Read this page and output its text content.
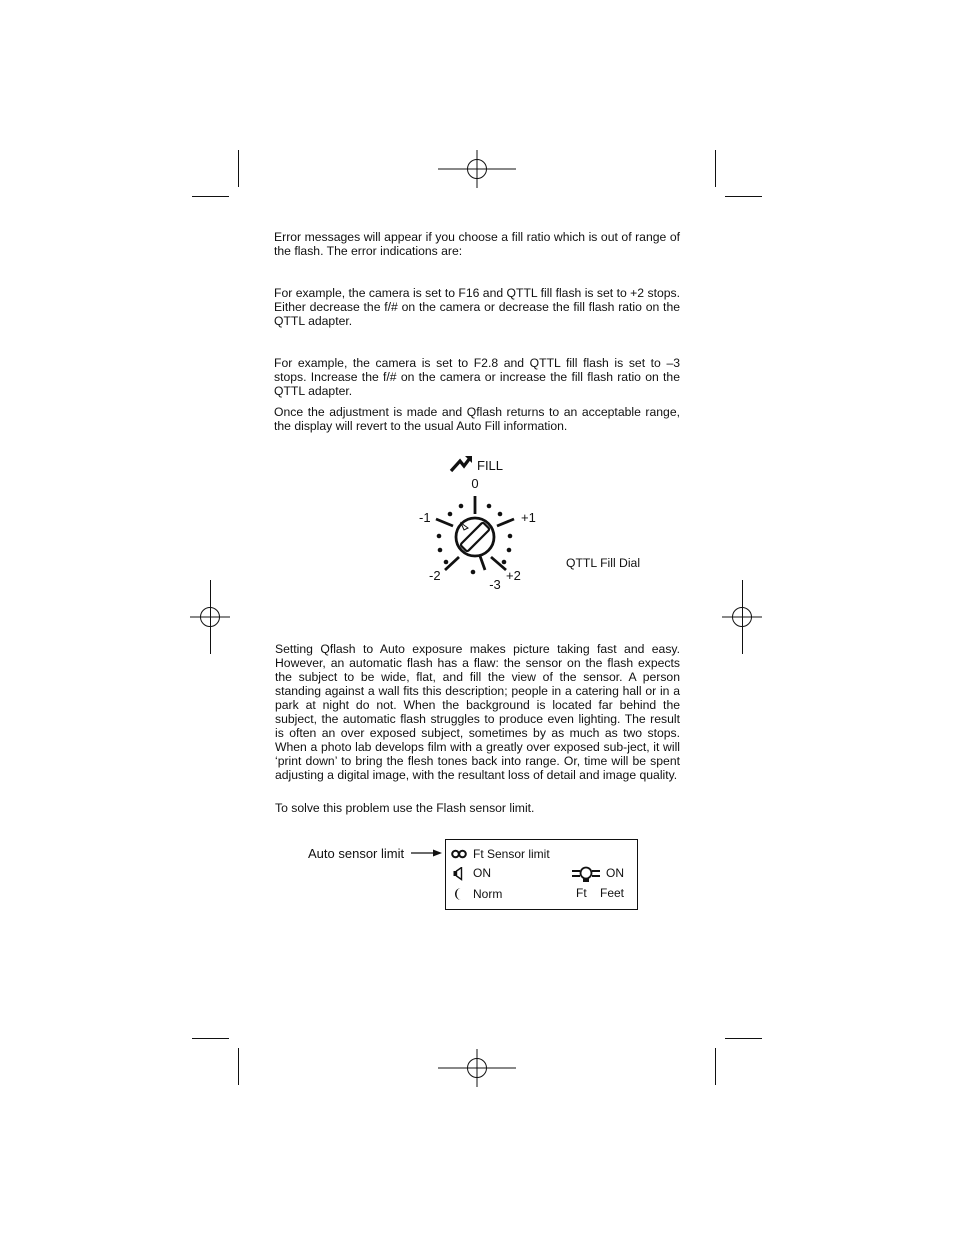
Error messages will appear if you choose a fill ratio which is out of range of the flash. The error indications are:
For example, the camera is set to F16 and QTTL fill flash is set to +2 stops. Either decrease the f/# on the camera or decrease the fill flash ratio on the QTTL adapter.
For example, the camera is set to F2.8 and QTTL fill flash is set to –3 stops. Increase the f/# on the camera or increase the fill flash ratio on the QTTL adapter.
Once the adjustment is made and Qflash returns to an acceptable range, the display will revert to the usual Auto Fill information.
FILL
0
-1	+1
-2	+2
-3
QTTL Fill Dial
Setting Qflash to Auto exposure makes picture taking fast and easy. However, an automatic flash has a flaw: the sensor on the flash expects the subject to be wide, flat, and fill the view of the sensor. A person standing against a wall fits this description; people in a catering hall or in a park at night do not. When the background is located far behind the subject, the automatic flash struggles to produce even lighting. The result is often an over exposed subject, sometimes by as much as two stops. When a photo lab develops film with a greatly over exposed sub-ject, it will ‘print down’ to bring the flesh tones back into range. Or, time will be spent adjusting a digital image, with the resultant loss of detail and image quality.
To solve this problem use the Flash sensor limit.
Auto sensor limit	Ft Sensor limit
ON
Norm
ON
Ft Feet
